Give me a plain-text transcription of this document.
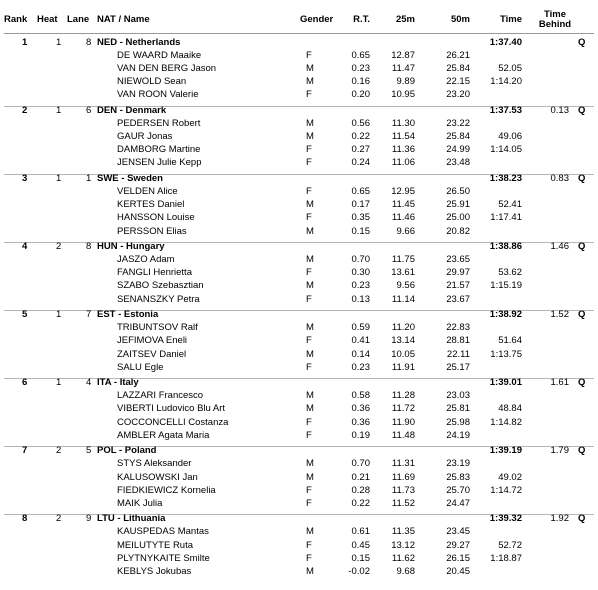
Rank Heat Lane NAT / Name	Gender	R.T.	25m	50m	Time	Time
Behind
1	1	8 NED - Netherlands	1:37.40	Q
DE WAARD Maaike	F	0.65	12.87	26.21
VAN DEN BERG Jason	M	0.23	11.47	25.84	52.05
NIEWOLD Sean	M	0.16	9.89	22.15	1:14.20
VAN ROON Valerie	F	0.20	10.95	23.20
2	1	6 DEN - Denmark	1:37.53	0.13 Q
PEDERSEN Robert	M	0.56	11.30	23.22
GAUR Jonas	M	0.22	11.54	25.84	49.06
DAMBORG Martine	F	0.27	11.36	24.99	1:14.05
JENSEN Julie Kepp	F	0.24	11.06	23.48
3	1	1 SWE - Sweden	1:38.23	0.83 Q
VELDEN Alice	F	0.65	12.95	26.50
KERTES Daniel	M	0.17	11.45	25.91	52.41
HANSSON Louise	F	0.35	11.46	25.00	1:17.41
PERSSON Elias	M	0.15	9.66	20.82
4	2	8 HUN - Hungary	1:38.86	1.46 Q
JASZO Adam	M	0.70	11.75	23.65
FANGLI Henrietta	F	0.30	13.61	29.97	53.62
SZABO Szebasztian	M	0.23	9.56	21.57	1:15.19
SENANSZKY Petra	F	0.13	11.14	23.67
5	1	7 EST - Estonia	1:38.92	1.52 Q
TRIBUNTSOV Ralf	M	0.59	11.20	22.83
JEFIMOVA Eneli	F	0.41	13.14	28.81	51.64
ZAITSEV Daniel	M	0.14	10.05	22.11	1:13.75
SALU Egle	F	0.23	11.91	25.17
6	1	4 ITA - Italy	1:39.01	1.61 Q
LAZZARI Francesco	M	0.58	11.28	23.03
VIBERTI Ludovico Blu Art	M	0.36	11.72	25.81	48.84
COCCONCELLI Costanza	F	0.36	11.90	25.98	1:14.82
AMBLER Agata Maria	F	0.19	11.48	24.19
7	2	5 POL - Poland	1:39.19	1.79 Q
STYS Aleksander	M	0.70	11.31	23.19
KALUSOWSKI Jan	M	0.21	11.69	25.83	49.02
FIEDKIEWICZ Kornelia	F	0.28	11.73	25.70	1:14.72
MAIK Julia	F	0.22	11.52	24.47
8	2	9 LTU - Lithuania	1:39.32	1.92 Q
KAUSPEDAS Mantas	M	0.61	11.35	23.45
MEILUTYTE Ruta	F	0.45	13.12	29.27	52.72
PLYTNYKAITE Smilte	F	0.15	11.62	26.15	1:18.87
KEBLYS Jokubas	M	-0.02	9.68	20.45
